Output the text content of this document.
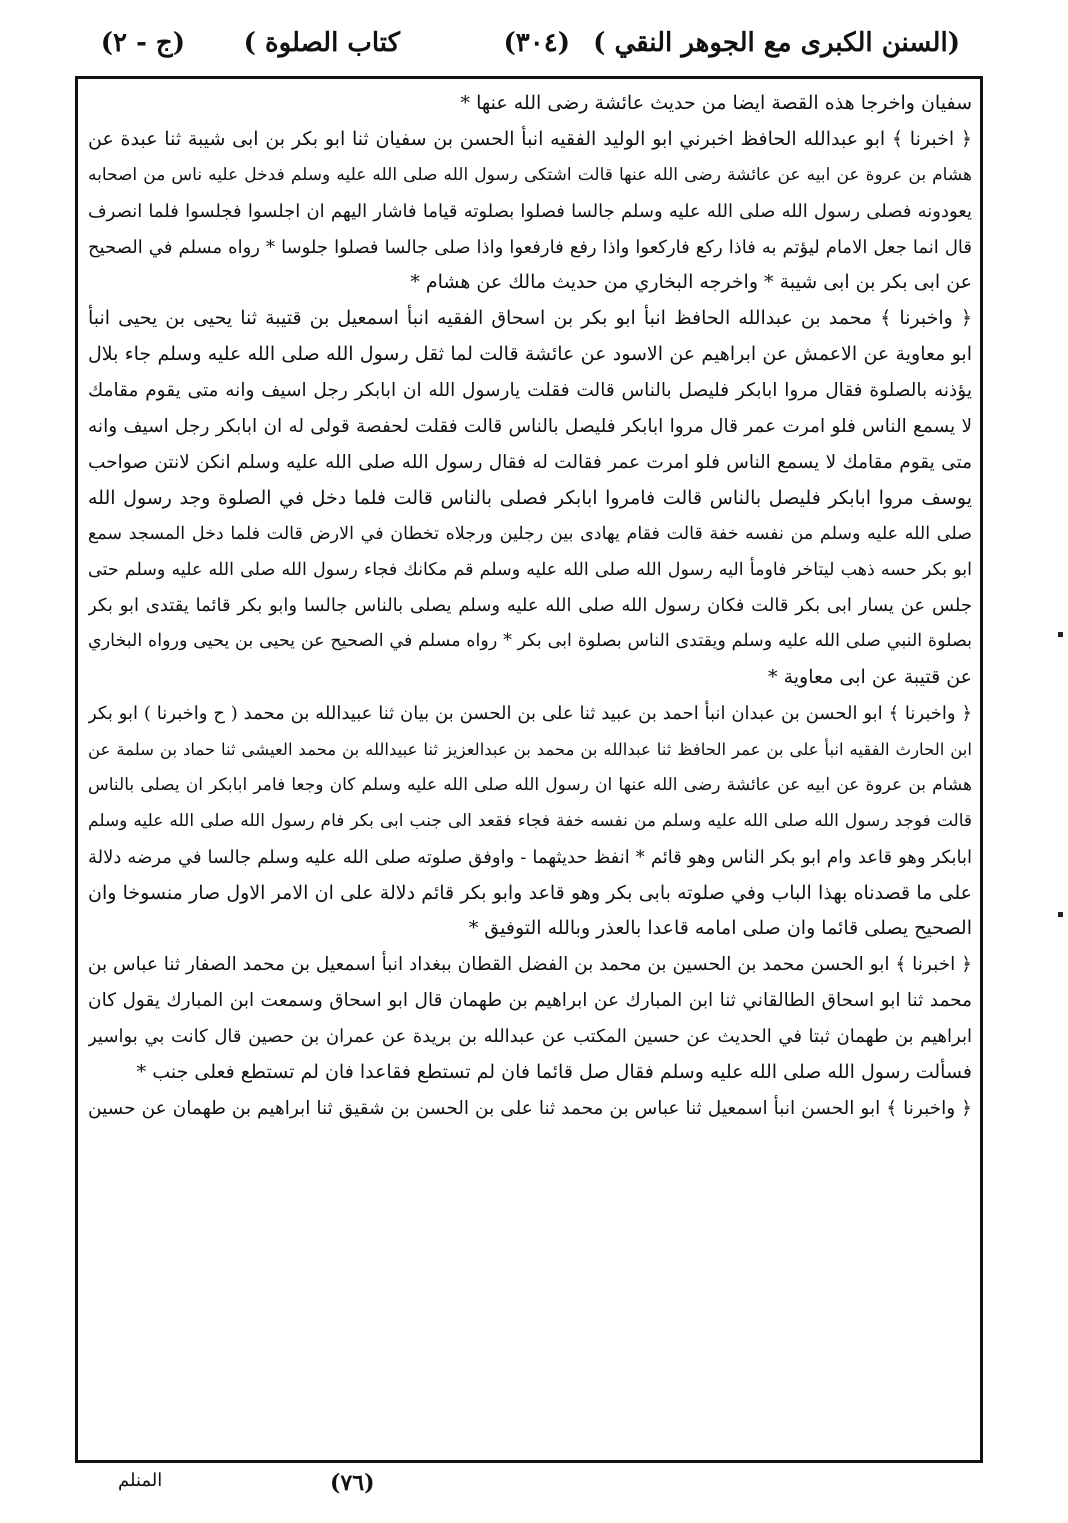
(السنن الكبرى مع الجوهر النقي )
(٣٠٤)
كتاب الصلوة )
(ج - ٢)
سفيان واخرجا هذه القصة ايضا من حديث عائشة رضى الله عنها *
﴿ اخبرنا ﴾ ابو عبدالله الحافظ اخبرني ابو الوليد الفقيه انبأ الحسن بن سفيان ثنا ابو بكر بن ابى شيبة ثنا عبدة عن
هشام بن عروة عن ابيه عن عائشة رضى الله عنها قالت اشتكى رسول الله صلى الله عليه وسلم فدخل عليه ناس من اصحابه
يعودونه فصلى رسول الله صلى الله عليه وسلم جالسا فصلوا بصلوته قياما فاشار اليهم ان اجلسوا فجلسوا فلما انصرف
قال انما جعل الامام ليؤتم به فاذا ركع فاركعوا واذا رفع فارفعوا واذا صلى جالسا فصلوا جلوسا * رواه مسلم في الصحيح
عن ابى بكر بن ابى شيبة * واخرجه البخاري من حديث مالك عن هشام *
﴿ واخبرنا ﴾ محمد بن عبدالله الحافظ انبأ ابو بكر بن اسحاق الفقيه انبأ اسمعيل بن قتيبة ثنا يحيى بن يحيى انبأ
ابو معاوية عن الاعمش عن ابراهيم عن الاسود عن عائشة قالت لما ثقل رسول الله صلى الله عليه وسلم جاء بلال
يؤذنه بالصلوة فقال مروا ابابكر فليصل بالناس قالت فقلت يارسول الله ان ابابكر رجل اسيف وانه متى يقوم مقامك
لا يسمع الناس فلو امرت عمر قال مروا ابابكر فليصل بالناس قالت فقلت لحفصة قولى له ان ابابكر رجل اسيف وانه
متى يقوم مقامك لا يسمع الناس فلو امرت عمر فقالت له فقال رسول الله صلى الله عليه وسلم انكن لانتن صواحب
يوسف مروا ابابكر فليصل بالناس قالت فامروا ابابكر فصلى بالناس قالت فلما دخل في الصلوة وجد رسول الله
صلى الله عليه وسلم من نفسه خفة قالت فقام يهادى بين رجلين ورجلاه تخطان في الارض قالت فلما دخل المسجد سمع
ابو بكر حسه ذهب ليتاخر فاومأ اليه رسول الله صلى الله عليه وسلم قم مكانك فجاء رسول الله صلى الله عليه وسلم حتى
جلس عن يسار ابى بكر قالت فكان رسول الله صلى الله عليه وسلم يصلى بالناس جالسا وابو بكر قائما يقتدى ابو بكر
بصلوة النبي صلى الله عليه وسلم ويقتدى الناس بصلوة ابى بكر * رواه مسلم في الصحيح عن يحيى بن يحيى ورواه البخاري
عن قتيبة عن ابى معاوية *
﴿ واخبرنا ﴾ ابو الحسن بن عبدان انبأ احمد بن عبيد ثنا على بن الحسن بن بيان ثنا عبيدالله بن محمد ( ح واخبرنا ) ابو بكر
ابن الحارث الفقيه انبأ على بن عمر الحافظ ثنا عبدالله بن محمد بن عبدالعزيز ثنا عبيدالله بن محمد العيشى ثنا حماد بن سلمة عن
هشام بن عروة عن ابيه عن عائشة رضى الله عنها ان رسول الله صلى الله عليه وسلم كان وجعا فامر ابابكر ان يصلى بالناس
قالت فوجد رسول الله صلى الله عليه وسلم من نفسه خفة فجاء فقعد الى جنب ابى بكر فام رسول الله صلى الله عليه وسلم
ابابكر وهو قاعد وام ابو بكر الناس وهو قائم * انفظ حديثهما - واوفق صلوته صلى الله عليه وسلم جالسا في مرضه دلالة
على ما قصدناه بهذا الباب وفي صلوته بابى بكر وهو قاعد وابو بكر قائم دلالة على ان الامر الاول صار منسوخا وان
الصحيح يصلى قائما وان صلى امامه قاعدا بالعذر وبالله التوفيق *
﴿ اخبرنا ﴾ ابو الحسن محمد بن الحسين بن محمد بن الفضل القطان ببغداد انبأ اسمعيل بن محمد الصفار ثنا عباس بن
محمد ثنا ابو اسحاق الطالقاني ثنا ابن المبارك عن ابراهيم بن طهمان قال ابو اسحاق وسمعت ابن المبارك يقول كان
ابراهيم بن طهمان ثبتا في الحديث عن حسين المكتب عن عبدالله بن بريدة عن عمران بن حصين قال كانت بي بواسير
فسألت رسول الله صلى الله عليه وسلم فقال صل قائما فان لم تستطع فقاعدا فان لم تستطع فعلى جنب *
﴿ واخبرنا ﴾ ابو الحسن انبأ اسمعيل ثنا عباس بن محمد ثنا على بن الحسن بن شقيق ثنا ابراهيم بن طهمان عن حسين
(٧٦)
المنلم
